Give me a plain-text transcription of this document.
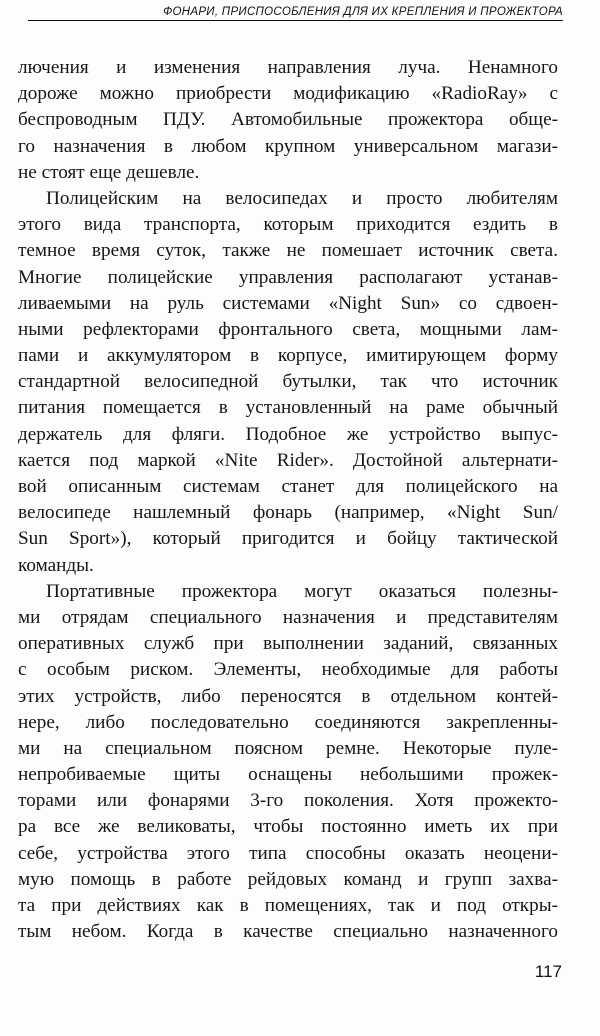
ФОНАРИ, ПРИСПОСОБЛЕНИЯ ДЛЯ ИХ КРЕПЛЕНИЯ И ПРОЖЕКТОРА
лючения и изменения направления луча. Ненамного
дороже можно приобрести модификацию «RadioRay» с
беспроводным ПДУ. Автомобильные прожектора обще-
го назначения в любом крупном универсальном магази-
не стоят еще дешевле.
Полицейским на велосипедах и просто любителям
этого вида транспорта, которым приходится ездить в
темное время суток, также не помешает источник света.
Многие полицейские управления располагают устанав-
ливаемыми на руль системами «Night Sun» со сдвоен-
ными рефлекторами фронтального света, мощными лам-
пами и аккумулятором в корпусе, имитирующем форму
стандартной велосипедной бутылки, так что источник
питания помещается в установленный на раме обычный
держатель для фляги. Подобное же устройство выпус-
кается под маркой «Nite Rider». Достойной альтернати-
вой описанным системам станет для полицейского на
велосипеде нашлемный фонарь (например, «Night Sun/
Sun Sport»), который пригодится и бойцу тактической
команды.
Портативные прожектора могут оказаться полезны-
ми отрядам специального назначения и представителям
оперативных служб при выполнении заданий, связанных
с особым риском. Элементы, необходимые для работы
этих устройств, либо переносятся в отдельном контей-
нере, либо последовательно соединяются закрепленны-
ми на специальном поясном ремне. Некоторые пуле-
непробиваемые щиты оснащены небольшими прожек-
торами или фонарями 3-го поколения. Хотя прожекто-
ра все же великоваты, чтобы постоянно иметь их при
себе, устройства этого типа способны оказать неоцени-
мую помощь в работе рейдовых команд и групп захва-
та при действиях как в помещениях, так и под откры-
тым небом. Когда в качестве специально назначенного
117
